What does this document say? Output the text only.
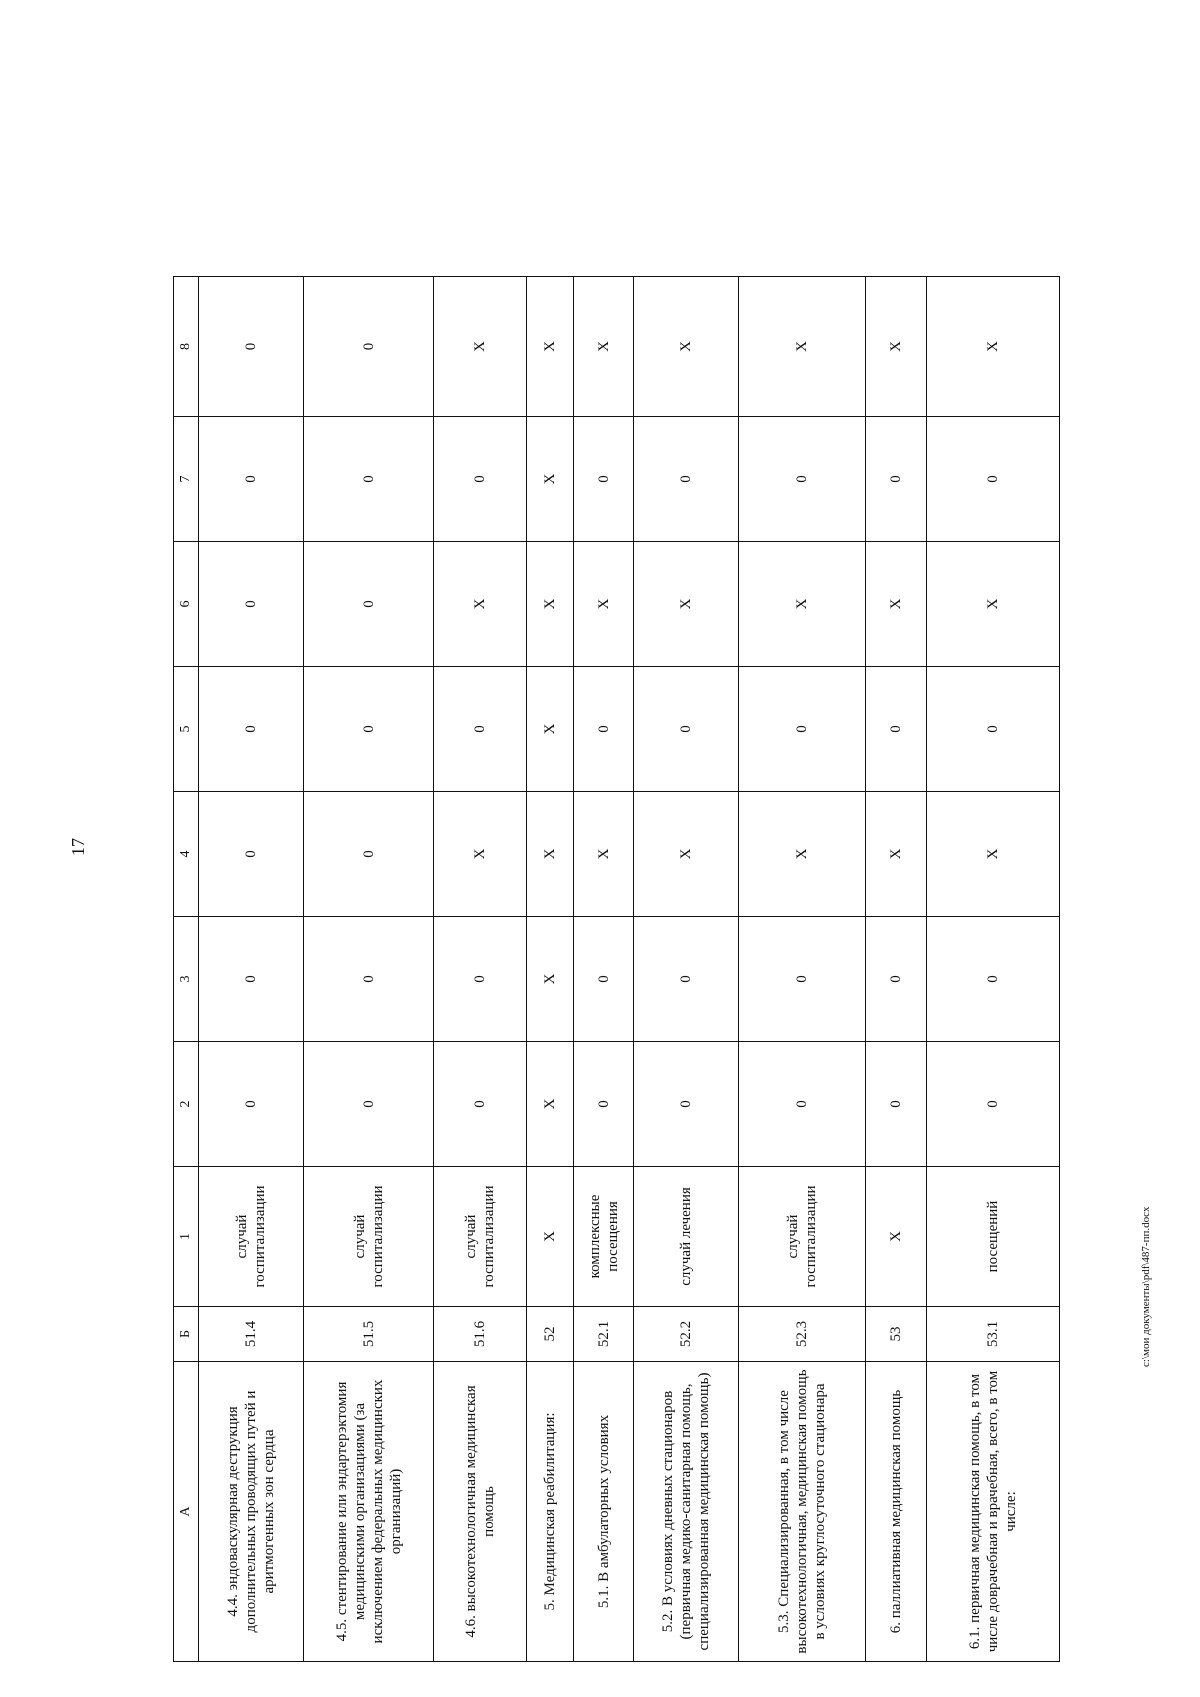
17
А	Б	1	2	3	4	5	6	7	8
4.4. эндоваскулярная деструкция дополнительных проводящих путей и аритмогенных зон сердца	51.4	случай госпитализации	0	0	0	0	0	0	0
4.5. стентирование или эндартерэктомия медицинскими организациями (за исключением федеральных медицинских организаций)	51.5	случай госпитализации	0	0	0	0	0	0	0
4.6. высокотехнологичная медицинская помощь	51.6	случай госпитализации	0	0	Х	0	Х	0	Х
5. Медицинская реабилитация:	52	Х	Х	Х	Х	Х	Х	Х	Х
5.1. В амбулаторных условиях	52.1	комплексные посещения	0	0	Х	0	Х	0	Х
5.2. В условиях дневных стационаров (первичная медико-санитарная помощь, специализированная медицинская помощь)	52.2	случай лечения	0	0	Х	0	Х	0	Х
5.3. Специализированная, в том числе высокотехнологичная, медицинская помощь в условиях круглосуточного стационара	52.3	случай госпитализации	0	0	Х	0	Х	0	Х
6. паллиативная медицинская помощь	53	Х	0	0	Х	0	Х	0	Х
6.1. первичная медицинская помощь, в том числе доврачебная и врачебная, всего, в том числе:	53.1	посещений	0	0	Х	0	Х	0	Х
c:\мои документы\pdf\487-пп.docx
